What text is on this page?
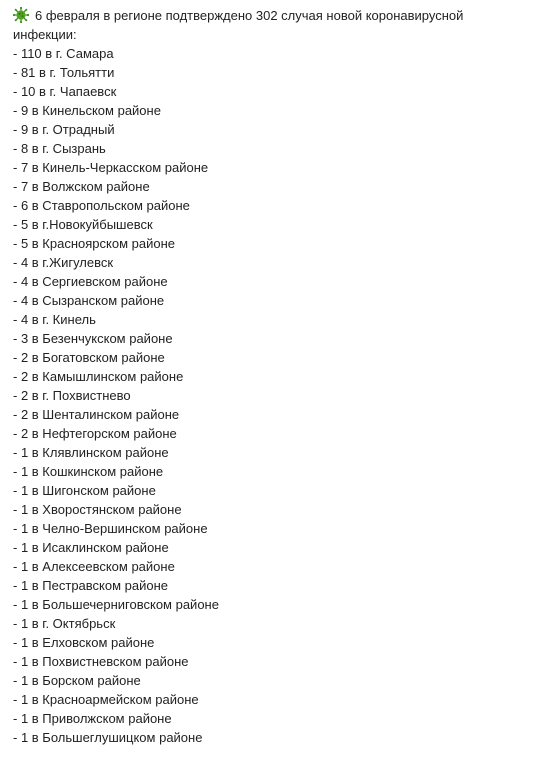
6 февраля в регионе подтверждено 302 случая новой коронавирусной инфекции:

- 110 в г. Самара
- 81 в г. Тольятти
- 10 в г. Чапаевск
- 9 в Кинельском районе
- 9 в г. Отрадный
- 8 в г. Сызрань
- 7 в Кинель-Черкасском районе
- 7 в Волжском районе
- 6 в Ставропольском районе
- 5 в г.Новокуйбышевск
- 5 в Красноярском районе
- 4 в г.Жигулевск
- 4 в Сергиевском районе
- 4 в Сызранском районе
- 4 в г. Кинель
- 3 в Безенчукском районе
- 2 в Богатовском районе
- 2 в Камышлинском районе
- 2 в г. Похвистнево
- 2 в Шенталинском районе
- 2 в Нефтегорском районе
- 1 в Клявлинском районе
- 1 в Кошкинском районе
- 1 в Шигонском районе
- 1 в Хворостянском районе
- 1 в Челно-Вершинском районе
- 1 в Исаклинском районе
- 1 в Алексеевском районе
- 1 в Пестравском районе
- 1 в Большечерниговском районе
- 1 в г. Октябрьск
- 1 в Елховском районе
- 1 в Похвистневском районе
- 1 в Борском районе
- 1 в Красноармейском районе
- 1 в Приволжском районе
- 1 в Большеглушицком районе
